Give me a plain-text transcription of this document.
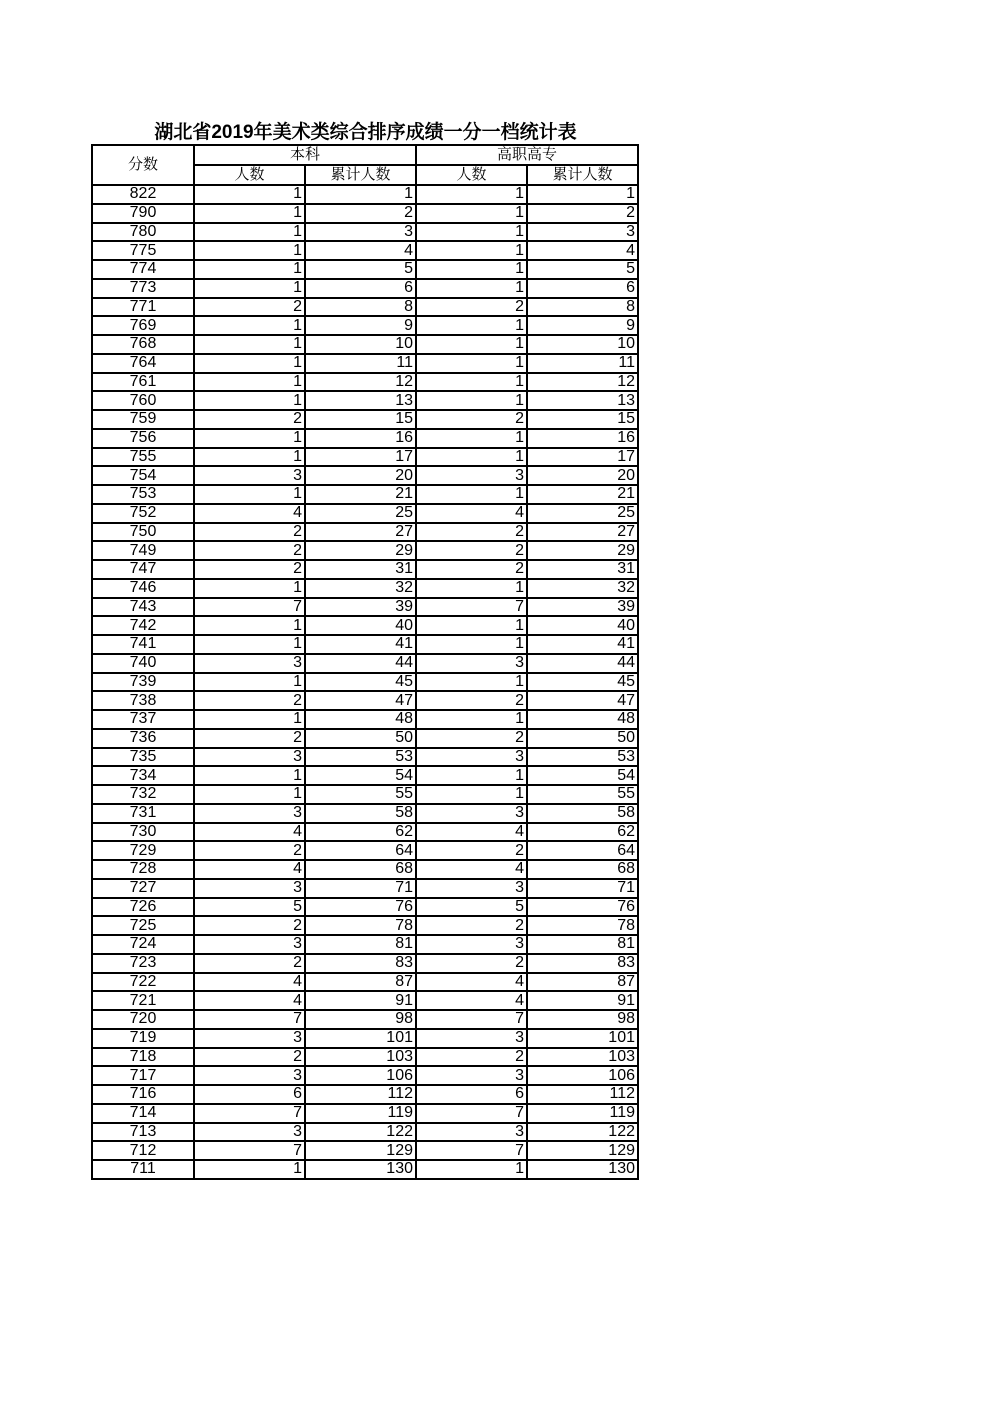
湖北省2019年美术类综合排序成绩一分一档统计表
分数	本科		高职高专	
	人数	累计人数	人数	累计人数
822	1	1	1	1
790	1	2	1	2
780	1	3	1	3
775	1	4	1	4
774	1	5	1	5
773	1	6	1	6
771	2	8	2	8
769	1	9	1	9
768	1	10	1	10
764	1	11	1	11
761	1	12	1	12
760	1	13	1	13
759	2	15	2	15
756	1	16	1	16
755	1	17	1	17
754	3	20	3	20
753	1	21	1	21
752	4	25	4	25
750	2	27	2	27
749	2	29	2	29
747	2	31	2	31
746	1	32	1	32
743	7	39	7	39
742	1	40	1	40
741	1	41	1	41
740	3	44	3	44
739	1	45	1	45
738	2	47	2	47
737	1	48	1	48
736	2	50	2	50
735	3	53	3	53
734	1	54	1	54
732	1	55	1	55
731	3	58	3	58
730	4	62	4	62
729	2	64	2	64
728	4	68	4	68
727	3	71	3	71
726	5	76	5	76
725	2	78	2	78
724	3	81	3	81
723	2	83	2	83
722	4	87	4	87
721	4	91	4	91
720	7	98	7	98
719	3	101	3	101
718	2	103	2	103
717	3	106	3	106
716	6	112	6	112
714	7	119	7	119
713	3	122	3	122
712	7	129	7	129
711	1	130	1	130
